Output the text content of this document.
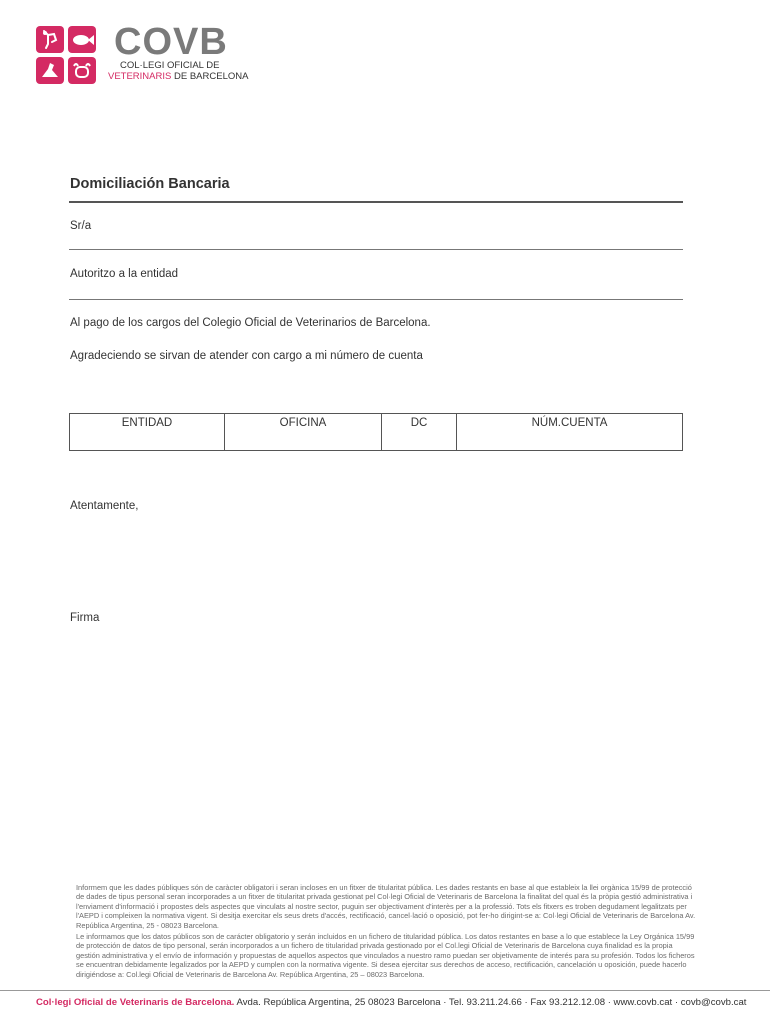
COVB
COL·LEGI OFICIAL DE
VETERINARIS DE BARCELONA
Domiciliación Bancaria
Sr/a
Autoritzo a la entidad
Al pago de los cargos del Colegio Oficial de Veterinarios de Barcelona.
Agradeciendo se sirvan de atender con cargo a mi número de cuenta
ENTIDAD	OFICINA	DC	NÚM.CUENTA
Atentamente,
Firma
Informem que les dades públiques són de caràcter obligatori i seran incloses en un fitxer de titularitat pública. Les dades restants en base al que estableix la llei orgànica 15/99 de protecció de dades de tipus personal seran incorporades a un fitxer de titularitat privada gestionat pel Col·legi Oficial de Veterinaris de Barcelona la finalitat del qual és la pròpia gestió administrativa i l'enviament d'informació i propostes dels aspectes que vinculats al nostre sector, puguin ser objectivament d'interès per a la professió. Tots els fitxers es troben degudament legalitzats per l'AEPD i compleixen la normativa vigent. Si desitja exercitar els seus drets d'accés, rectificació, cancel·lació o oposició, pot fer-ho dirigint-se a: Col·legi Oficial de Veterinaris de Barcelona Av. República Argentina, 25 - 08023 Barcelona.
Le informamos que los datos públicos son de carácter obligatorio y serán incluidos en un fichero de titularidad pública. Los datos restantes en base a lo que establece la Ley Orgánica 15/99 de protección de datos de tipo personal, serán incorporados a un fichero de titularidad privada gestionado por el Col.legi Oficial de Veterinaris de Barcelona cuya finalidad es la propia gestión administrativa y el envío de información y propuestas de aquellos aspectos que vinculados a nuestro ramo puedan ser objetivamente de interés para su profesión. Todos los ficheros se encuentran debidamente legalizados por la AEPD y cumplen con la normativa vigente. Si desea ejercitar sus derechos de acceso, rectificación, cancelación u oposición, puede hacerlo dirigiéndose a: Col.legi Oficial de Veterinaris de Barcelona Av. República Argentina, 25 – 08023 Barcelona.
Col·legi Oficial de Veterinaris de Barcelona. Avda. República Argentina, 25 08023 Barcelona · Tel. 93.211.24.66 · Fax 93.212.12.08 · www.covb.cat · covb@covb.cat
